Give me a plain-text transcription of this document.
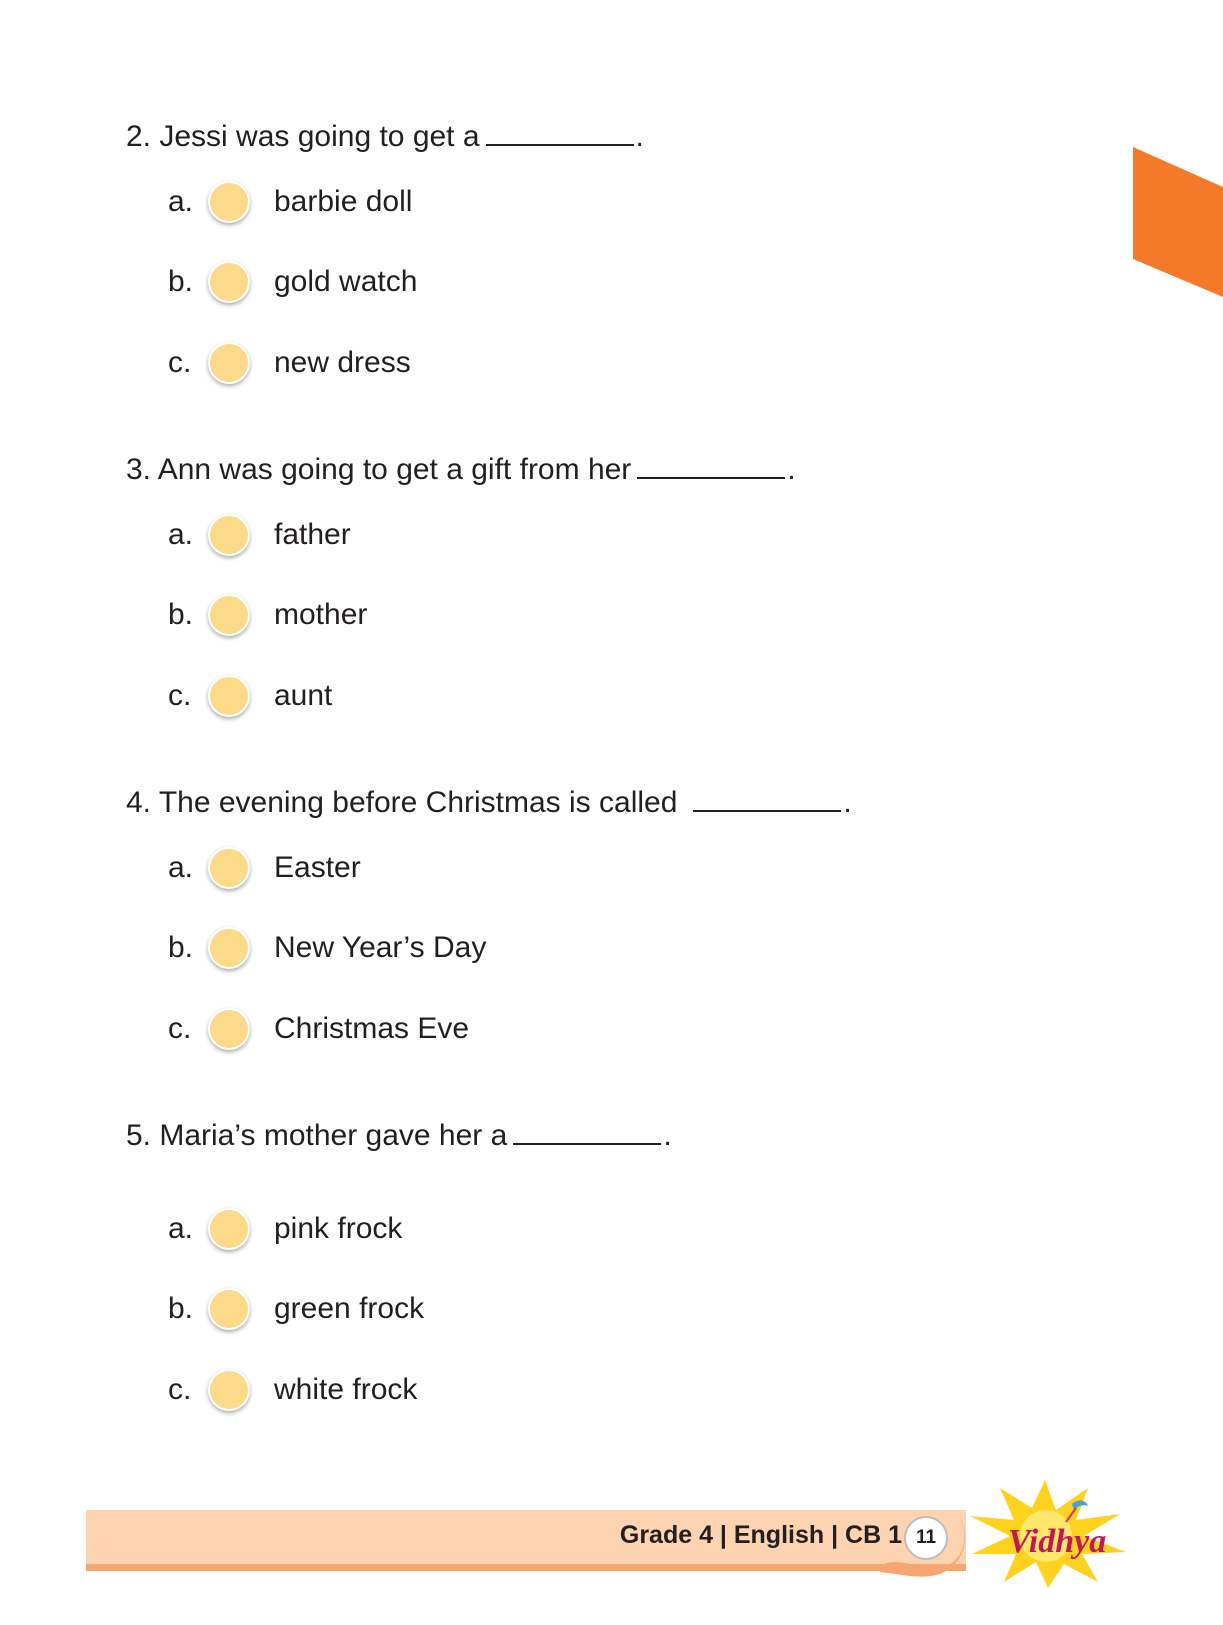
2. Jessi was going to get a	.
a.	barbie doll
b.	gold watch
c.	new dress
3. Ann was going to get a gift from her	.
a.	father
b.	mother
c.	aunt
4. The evening before Christmas is called	.
a.	Easter
b.	New Year’s Day
c.	Christmas Eve
5. Maria’s mother gave her a	.
a.	pink frock
b.	green frock
c.	white frock
Grade 4 | English | CB 1 11	Vidhya
